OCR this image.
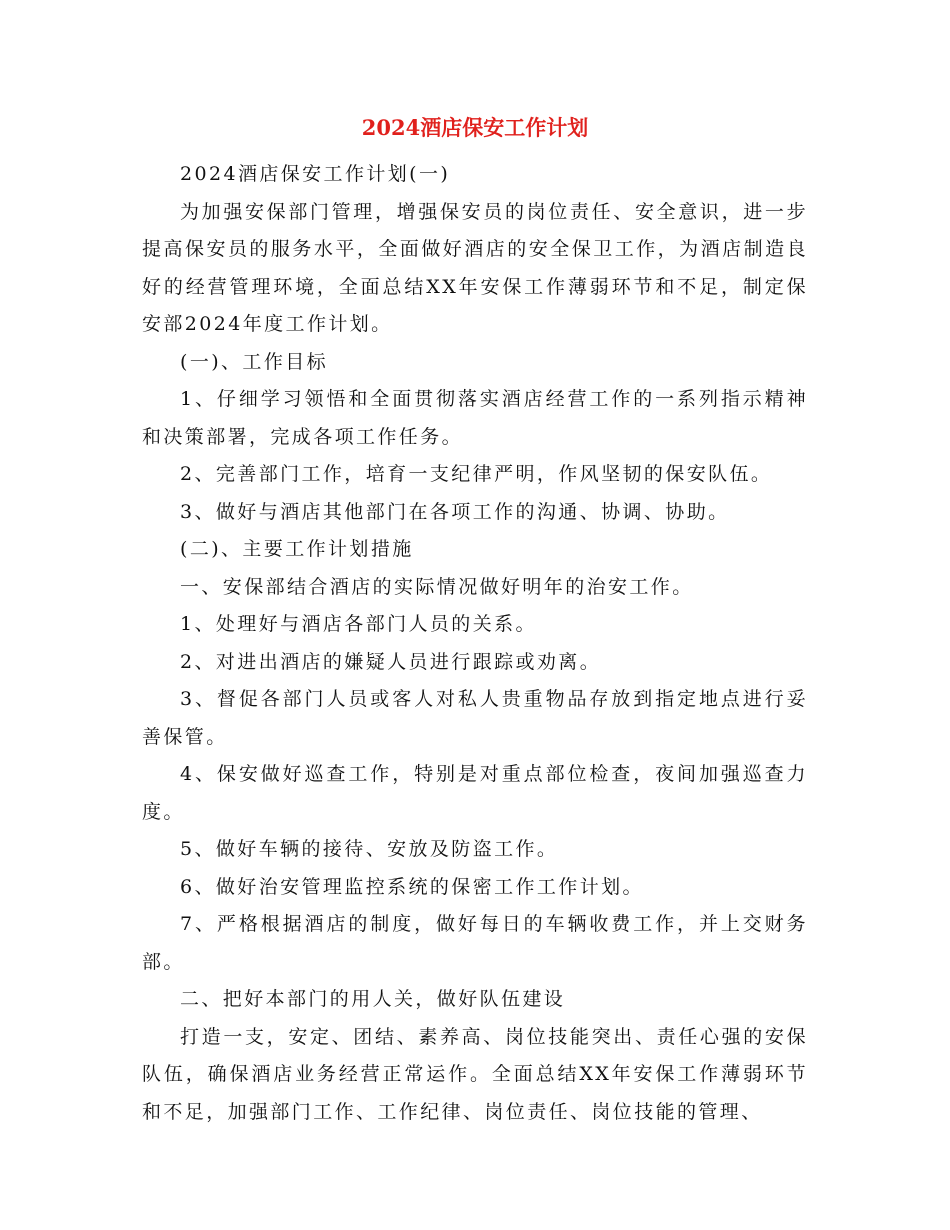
2024酒店保安工作计划

2024酒店保安工作计划(一)

为加强安保部门管理，增强保安员的岗位责任、安全意识，进一步提高保安员的服务水平，全面做好酒店的安全保卫工作，为酒店制造良好的经营管理环境，全面总结XX年安保工作薄弱环节和不足，制定保安部2024年度工作计划。

(一)、工作目标

1、仔细学习领悟和全面贯彻落实酒店经营工作的一系列指示精神和决策部署，完成各项工作任务。

2、完善部门工作，培育一支纪律严明，作风坚韧的保安队伍。

3、做好与酒店其他部门在各项工作的沟通、协调、协助。

(二)、主要工作计划措施

一、安保部结合酒店的实际情况做好明年的治安工作。

1、处理好与酒店各部门人员的关系。

2、对进出酒店的嫌疑人员进行跟踪或劝离。

3、督促各部门人员或客人对私人贵重物品存放到指定地点进行妥善保管。

4、保安做好巡查工作，特别是对重点部位检查，夜间加强巡查力度。

5、做好车辆的接待、安放及防盗工作。

6、做好治安管理监控系统的保密工作工作计划。

7、严格根据酒店的制度，做好每日的车辆收费工作，并上交财务部。

二、把好本部门的用人关，做好队伍建设

打造一支，安定、团结、素养高、岗位技能突出、责任心强的安保队伍，确保酒店业务经营正常运作。全面总结XX年安保工作薄弱环节和不足，加强部门工作、工作纪律、岗位责任、岗位技能的管理、
